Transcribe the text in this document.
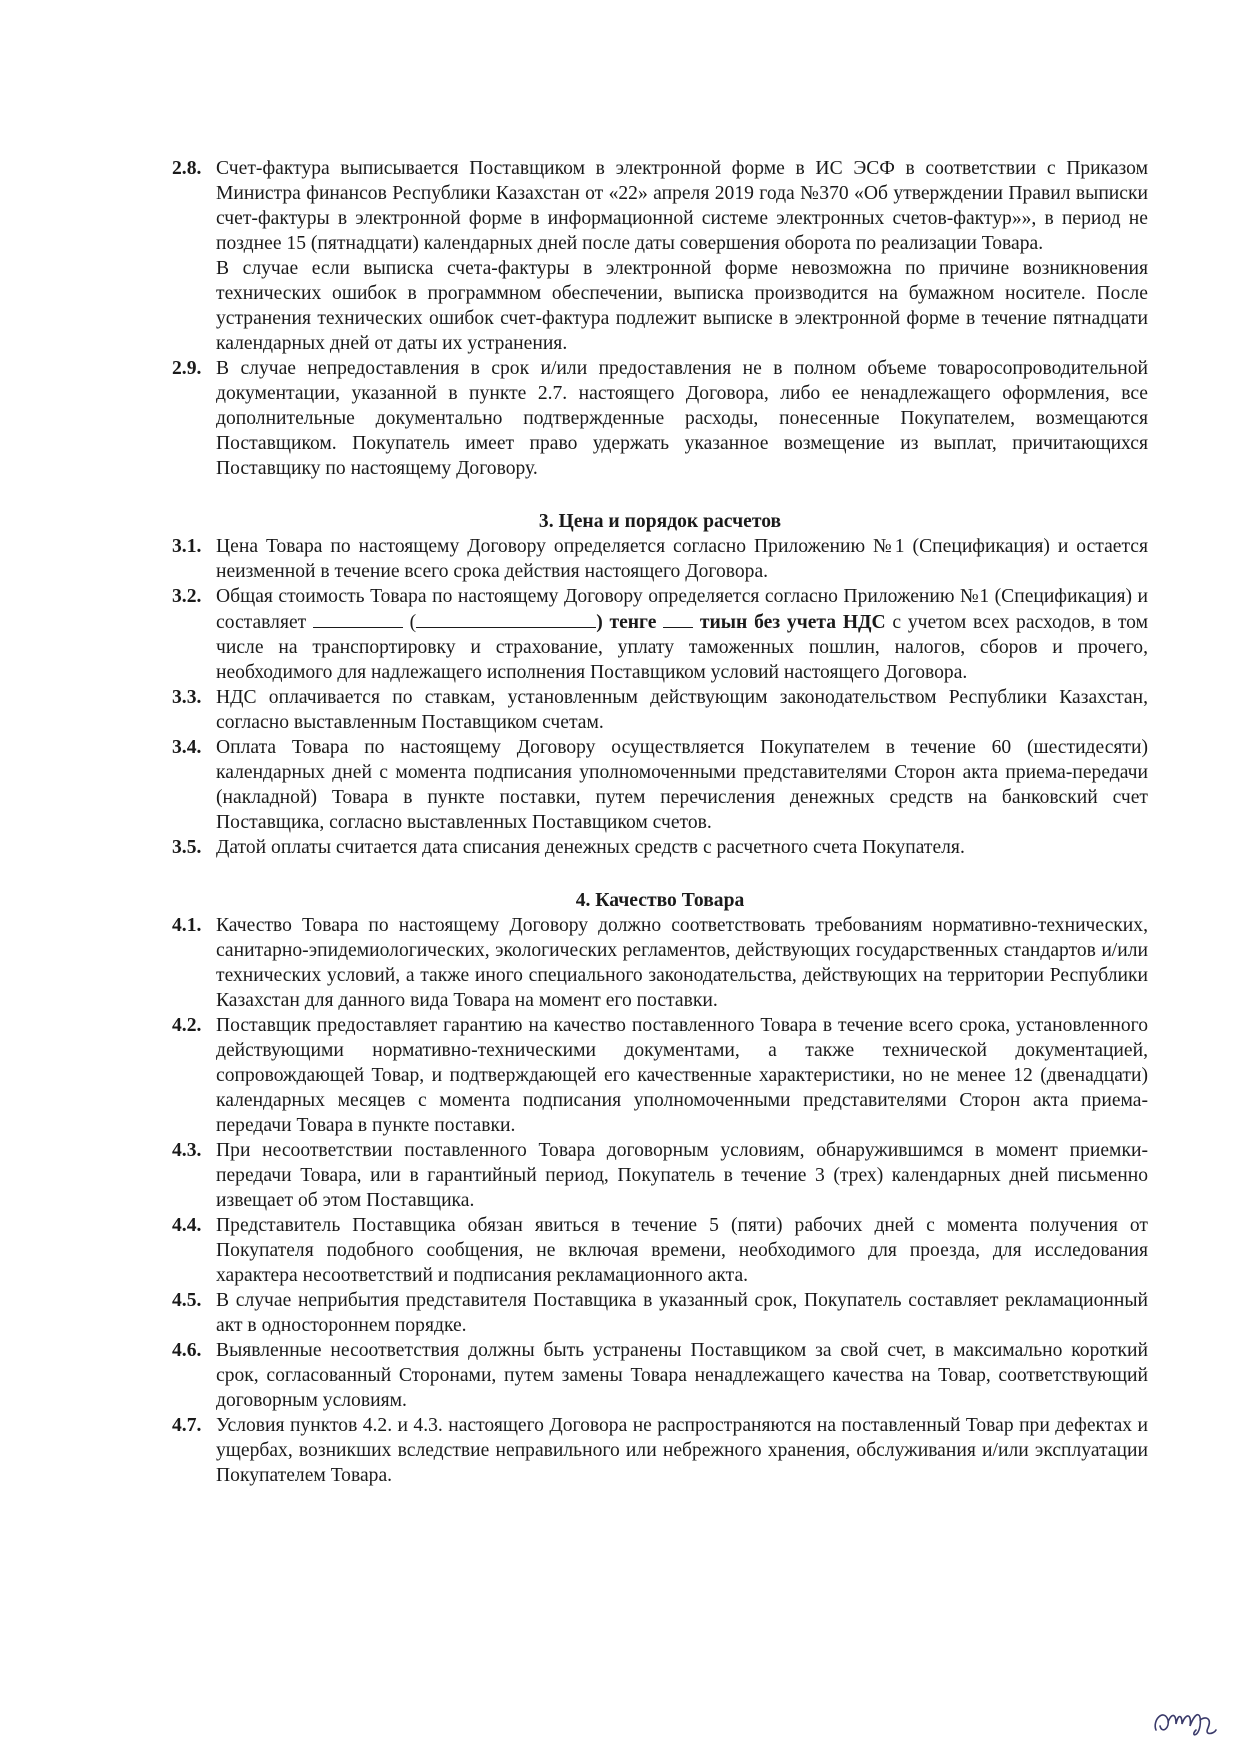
2.8. Счет-фактура выписывается Поставщиком в электронной форме в ИС ЭСФ в соответствии с Приказом Министра финансов Республики Казахстан от «22» апреля 2019 года №370 «Об утверждении Правил выписки счет-фактуры в электронной форме в информационной системе электронных счетов-фактур»», в период не позднее 15 (пятнадцати) календарных дней после даты совершения оборота по реализации Товара.
В случае если выписка счета-фактуры в электронной форме невозможна по причине возникновения технических ошибок в программном обеспечении, выписка производится на бумажном носителе. После устранения технических ошибок счет-фактура подлежит выписке в электронной форме в течение пятнадцати календарных дней от даты их устранения.
2.9. В случае непредоставления в срок и/или предоставления не в полном объеме товаросопроводительной документации, указанной в пункте 2.7. настоящего Договора, либо ее ненадлежащего оформления, все дополнительные документально подтвержденные расходы, понесенные Покупателем, возмещаются Поставщиком. Покупатель имеет право удержать указанное возмещение из выплат, причитающихся Поставщику по настоящему Договору.
3. Цена и порядок расчетов
3.1. Цена Товара по настоящему Договору определяется согласно Приложению №1 (Спецификация) и остается неизменной в течение всего срока действия настоящего Договора.
3.2. Общая стоимость Товара по настоящему Договору определяется согласно Приложению №1 (Спецификация) и составляет	(	) тенге  тиын без учета НДС с учетом всех расходов, в том числе на транспортировку и страхование, уплату таможенных пошлин, налогов, сборов и прочего, необходимого для надлежащего исполнения Поставщиком условий настоящего Договора.
3.3. НДС оплачивается по ставкам, установленным действующим законодательством Республики Казахстан, согласно выставленным Поставщиком счетам.
3.4. Оплата Товара по настоящему Договору осуществляется Покупателем в течение 60 (шестидесяти) календарных дней с момента подписания уполномоченными представителями Сторон акта приема-передачи (накладной) Товара в пункте поставки, путем перечисления денежных средств на банковский счет Поставщика, согласно выставленных Поставщиком счетов.
3.5. Датой оплаты считается дата списания денежных средств с расчетного счета Покупателя.
4. Качество Товара
4.1. Качество Товара по настоящему Договору должно соответствовать требованиям нормативно-технических, санитарно-эпидемиологических, экологических регламентов, действующих государственных стандартов и/или технических условий, а также иного специального законодательства, действующих на территории Республики Казахстан для данного вида Товара на момент его поставки.
4.2. Поставщик предоставляет гарантию на качество поставленного Товара в течение всего срока, установленного действующими нормативно-техническими документами, а также технической документацией, сопровождающей Товар, и подтверждающей его качественные характеристики, но не менее 12 (двенадцати) календарных месяцев с момента подписания уполномоченными представителями Сторон акта приема-передачи Товара в пункте поставки.
4.3. При несоответствии поставленного Товара договорным условиям, обнаружившимся в момент приемки-передачи Товара, или в гарантийный период, Покупатель в течение 3 (трех) календарных дней письменно извещает об этом Поставщика.
4.4. Представитель Поставщика обязан явиться в течение 5 (пяти) рабочих дней с момента получения от Покупателя подобного сообщения, не включая времени, необходимого для проезда, для исследования характера несоответствий и подписания рекламационного акта.
4.5. В случае неприбытия представителя Поставщика в указанный срок, Покупатель составляет рекламационный акт в одностороннем порядке.
4.6. Выявленные несоответствия должны быть устранены Поставщиком за свой счет, в максимально короткий срок, согласованный Сторонами, путем замены Товара ненадлежащего качества на Товар, соответствующий договорным условиям.
4.7. Условия пунктов 4.2. и 4.3. настоящего Договора не распространяются на поставленный Товар при дефектах и ущербах, возникших вследствие неправильного или небрежного хранения, обслуживания и/или эксплуатации Покупателем Товара.
